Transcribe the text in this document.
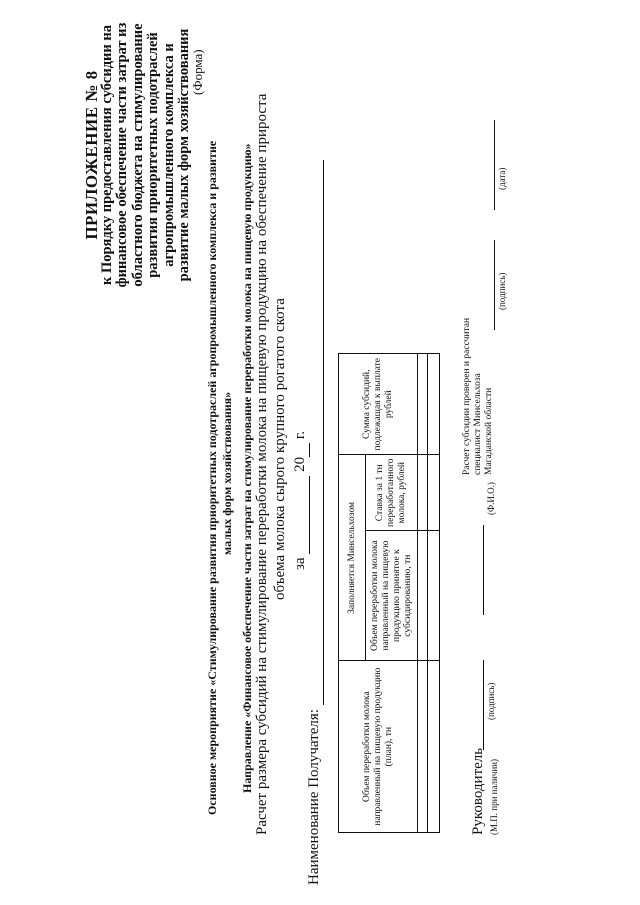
ПРИЛОЖЕНИЕ № 8
к Порядку предоставления субсидии на финансовое обеспечение части затрат из областного бюджета на стимулирование развития приоритетных подотраслей агропромышленного комплекса и развитие малых форм хозяйствования
(Форма)
Основное мероприятие «Стимулирование развития приоритетных подотраслей агропромышленного комплекса и развитие малых форм хозяйствования» Направление «Финансовое обеспечение части затрат на стимулирование переработки молока на пищевую продукцию» Расчет размера субсидий на стимулирование переработки молока на пищевую продукцию на обеспечение прироста объема молока сырого крупного рогатого скота за   20  г.
Наименование Получателя:	Объем переработки молока направленный на пищевую продукцию (план), тн	Заполняется Минсельхозом		Сумма субсидий, подлежащая к выплате рублей
	Объем переработки молока направленный на пищевую продукцию принятое к субсидированию, тн	Ставка за 1 тн переработанного молока, рублей	

Руководитель (М.П. при наличии)
(подпись)
(Ф.И.О.)
Расчет субсидии проверен и рассчитан специалист Минсельхоза Магаданской области
(подпись)
(дата)
